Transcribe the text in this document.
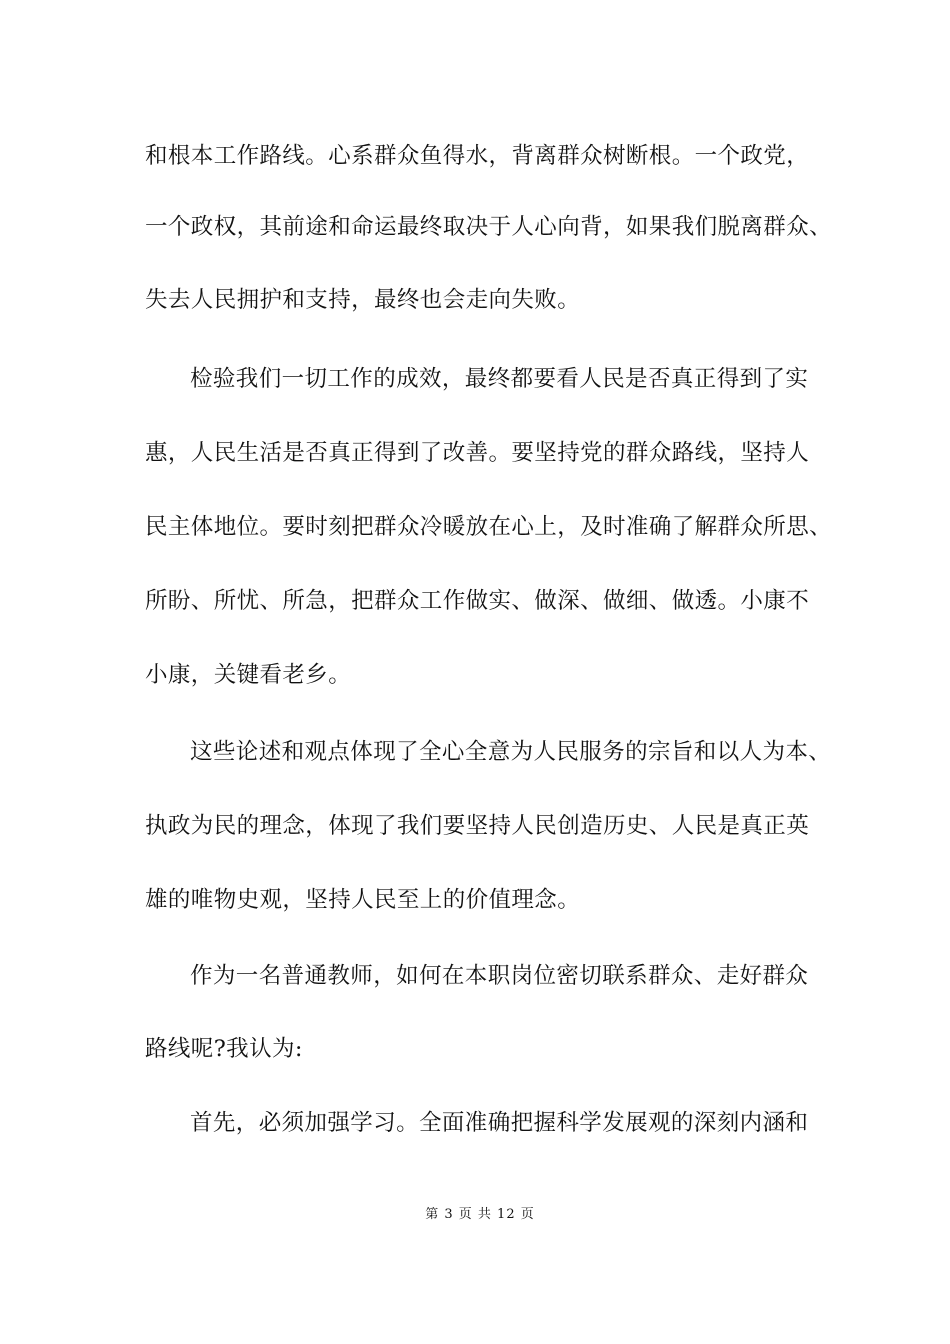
和根本工作路线。心系群众鱼得水，背离群众树断根。一个政党，
一个政权，其前途和命运最终取决于人心向背，如果我们脱离群众、
失去人民拥护和支持，最终也会走向失败。
检验我们一切工作的成效，最终都要看人民是否真正得到了实
惠，人民生活是否真正得到了改善。要坚持党的群众路线，坚持人
民主体地位。要时刻把群众冷暖放在心上，及时准确了解群众所思、
所盼、所忧、所急，把群众工作做实、做深、做细、做透。小康不
小康，关键看老乡。
这些论述和观点体现了全心全意为人民服务的宗旨和以人为本、
执政为民的理念，体现了我们要坚持人民创造历史、人民是真正英
雄的唯物史观，坚持人民至上的价值理念。
作为一名普通教师，如何在本职岗位密切联系群众、走好群众
路线呢?我认为:
首先，必须加强学习。全面准确把握科学发展观的深刻内涵和
第 3 页 共 12 页
